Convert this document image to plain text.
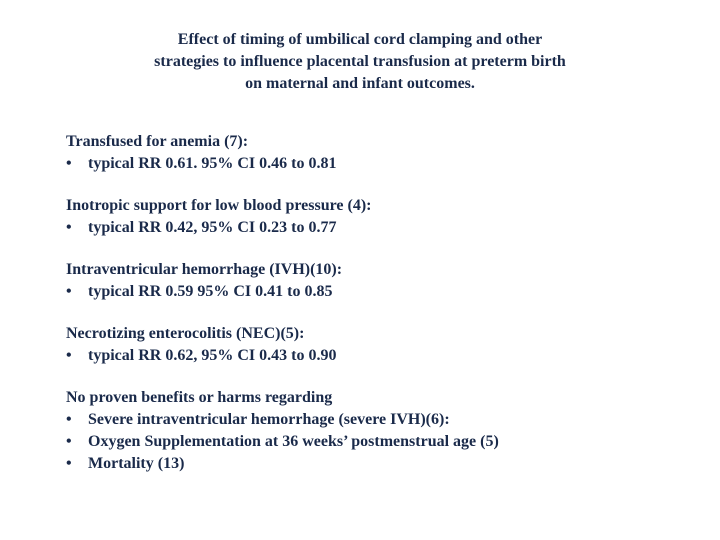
Effect of timing of umbilical cord clamping and other
strategies to influence placental transfusion at preterm birth
on maternal and infant outcomes.
Transfused for anemia (7):
•	typical RR 0.61. 95% CI 0.46 to 0.81
Inotropic support for low blood pressure (4):
•	typical RR 0.42, 95% CI 0.23 to 0.77
Intraventricular hemorrhage (IVH)(10):
•	typical RR 0.59 95% CI 0.41 to 0.85
Necrotizing enterocolitis (NEC)(5):
•	typical RR 0.62, 95% CI 0.43 to 0.90
No proven benefits or harms regarding
•	Severe intraventricular hemorrhage (severe IVH)(6):
•	Oxygen Supplementation at 36 weeks’ postmenstrual age (5)
•	Mortality (13)
